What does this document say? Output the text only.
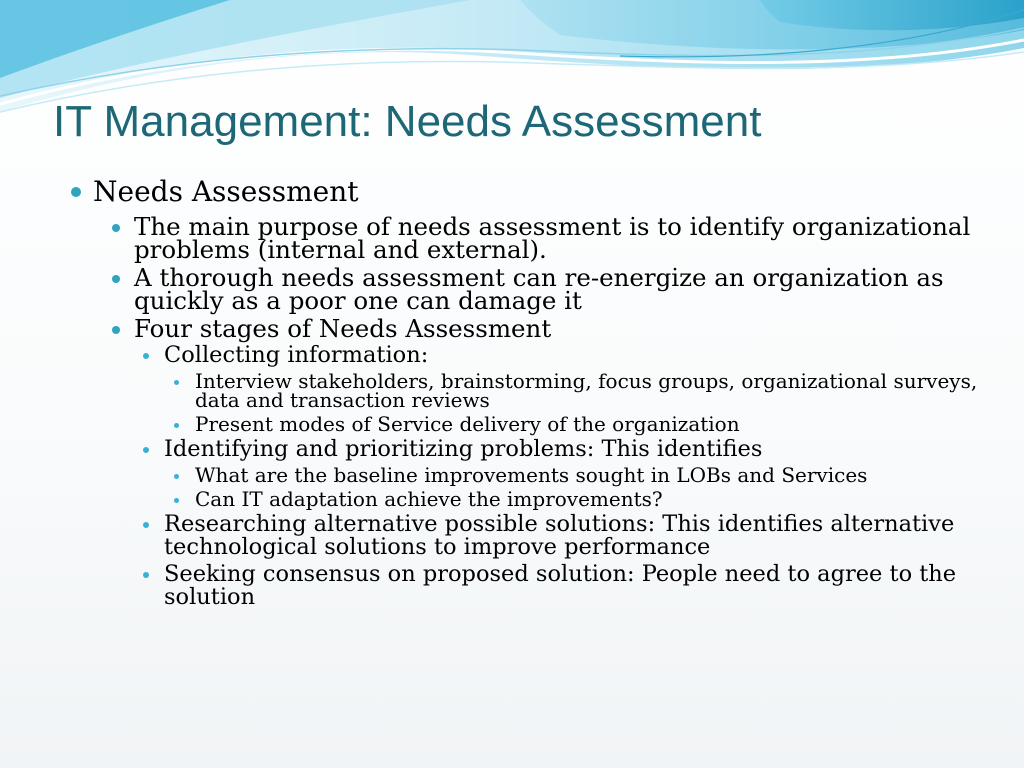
IT Management: Needs Assessment

Needs Assessment

The main purpose of needs assessment is to identify organizational problems (internal and external).

A thorough needs assessment can re-energize an organization as quickly as a poor one can damage it

Four stages of Needs Assessment

Collecting information:

Interview stakeholders, brainstorming, focus groups, organizational surveys, data and transaction reviews

Present modes of Service delivery of the organization

Identifying and prioritizing problems: This identifies

What are the baseline improvements sought in LOBs and Services

Can IT adaptation achieve the improvements?

Researching alternative possible solutions: This identifies alternative technological solutions to improve performance

Seeking consensus on proposed solution: People need to agree to the solution
